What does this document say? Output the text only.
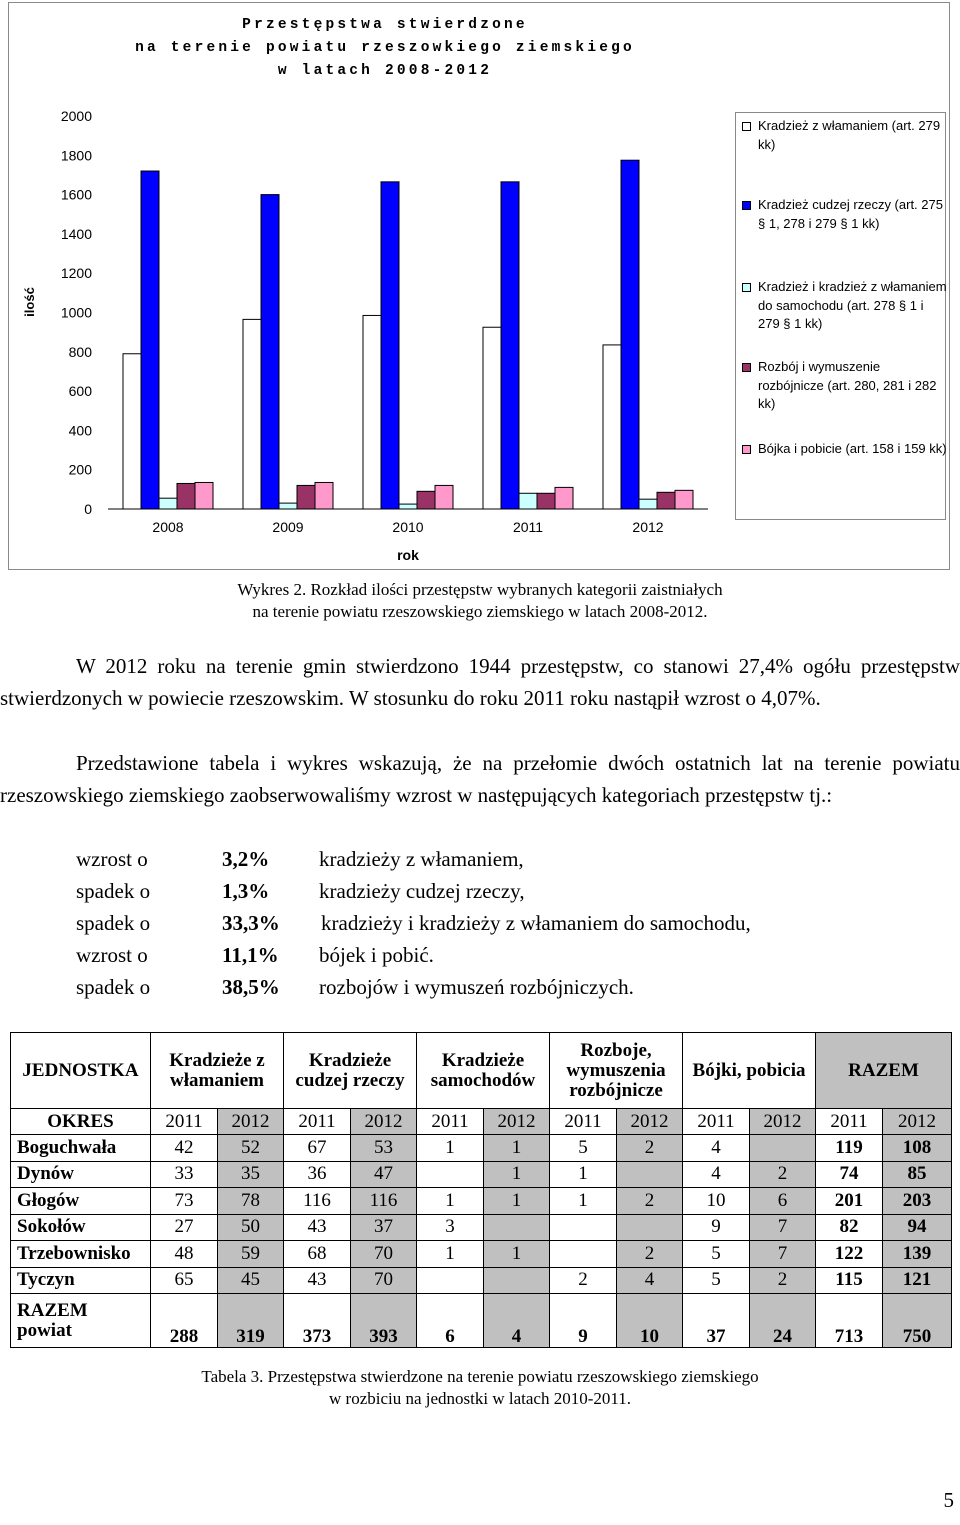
Przestępstwa stwierdzone
na terenie powiatu rzeszowkiego ziemskiego
w latach 2008-2012
0
200
400
600
800
1000
1200
1400
1600
1800
2000
ilość
2008	2009	2010	2011	2012
rok
Kradzież z włamaniem (art. 279 kk)
Kradzież cudzej rzeczy (art. 275 § 1, 278 i 279 § 1 kk)
Kradzież i kradzież z włamaniem do samochodu (art. 278 § 1 i 279 § 1 kk)
Rozbój i wymuszenie rozbójnicze (art. 280, 281 i 282 kk)
Bójka i pobicie (art. 158 i 159 kk)
Wykres 2. Rozkład ilości przestępstw wybranych kategorii zaistniałych
na terenie powiatu rzeszowskiego ziemskiego w latach 2008-2012.

W 2012 roku na terenie gmin stwierdzono 1944 przestępstw, co stanowi 27,4% ogółu przestępstw stwierdzonych w powiecie rzeszowskim. W stosunku do roku 2011 roku nastąpił wzrost o 4,07%.

Przedstawione tabela i wykres wskazują, że na przełomie dwóch ostatnich lat na terenie powiatu rzeszowskiego ziemskiego zaobserwowaliśmy wzrost w następujących kategoriach przestępstw tj.:

wzrost o	3,2% kradzieży z włamaniem,
spadek o	1,3% kradzieży cudzej rzeczy,
spadek o	33,3% kradzieży i kradzieży z włamaniem do samochodu,
wzrost o	11,1% bójek i pobić.
spadek o	38,5% rozbojów i wymuszeń rozbójniczych.
JEDNOSTKA	Kradzieże z włamaniem		Kradzieże cudzej rzeczy		Kradzieże samochodów		Rozboje, wymuszenia rozbójnicze		Bójki, pobicia		RAZEM	
OKRES	2011	2012	2011	2012	2011	2012	2011	2012	2011	2012	2011	2012
Boguchwała	42	52	67	53	1	1	5	2	4		119	108
Dynów	33	35	36	47		1	1		4	2	74	85
Głogów	73	78	116	116	1	1	1	2	10	6	201	203
Sokołów	27	50	43	37	3				9	7	82	94
Trzebownisko	48	59	68	70	1	1		2	5	7	122	139
Tyczyn	65	45	43	70			2	4	5	2	115	121

RAZEM
powiat	288	319	373	393	6	4	9	10	37	24	713	750
Tabela 3. Przestępstwa stwierdzone na terenie powiatu rzeszowskiego ziemskiego
w rozbiciu na jednostki w latach 2010-2011.
5
